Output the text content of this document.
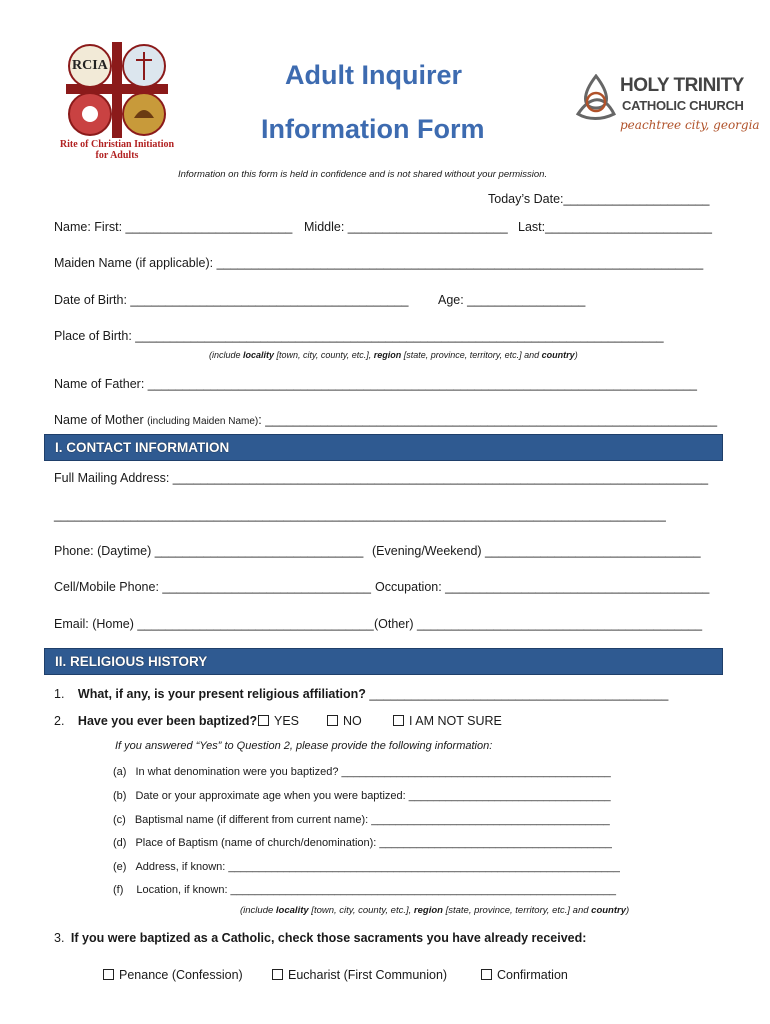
RCIA
Rite of Christian Initiation
for Adults
Adult Inquirer
Information Form
HOLY TRINITY
CATHOLIC CHURCH
peachtree city, georgia
Information on this form is held in confidence and is not shared without your permission.
Today’s Date:_____________________
Name: First: ________________________ Middle: _______________________ Last:________________________
Maiden Name (if applicable): ______________________________________________________________________
Date of Birth: ________________________________________ Age: _________________
Place of Birth: ____________________________________________________________________________
(include locality [town, city, county, etc.], region [state, province, territory, etc.] and country)
Name of Father: _______________________________________________________________________________
Name of Mother (including Maiden Name): _________________________________________________________________
I. CONTACT INFORMATION
Full Mailing Address: _____________________________________________________________________________
________________________________________________________________________________________
Phone: (Daytime) ______________________________ (Evening/Weekend) _______________________________
Cell/Mobile Phone: ______________________________ Occupation: ______________________________________
Email: (Home) __________________________________ (Other) _________________________________________
II. RELIGIOUS HISTORY
1. What, if any, is your present religious affiliation? ___________________________________________
2. Have you ever been baptized?	YES	NO	I AM NOT SURE
If you answered “Yes” to Question 2, please provide the following information:
(a) In what denomination were you baptized? ____________________________________________
(b) Date or your approximate age when you were baptized: _________________________________
(c) Baptismal name (if different from current name): _______________________________________
(d) Place of Baptism (name of church/denomination): ______________________________________
(e) Address, if known: ________________________________________________________________
(f) Location, if known: _______________________________________________________________
(include locality [town, city, county, etc.], region [state, province, territory, etc.] and country)
3. If you were baptized as a Catholic, check those sacraments you have already received:
Penance (Confession)	Eucharist (First Communion)	Confirmation
